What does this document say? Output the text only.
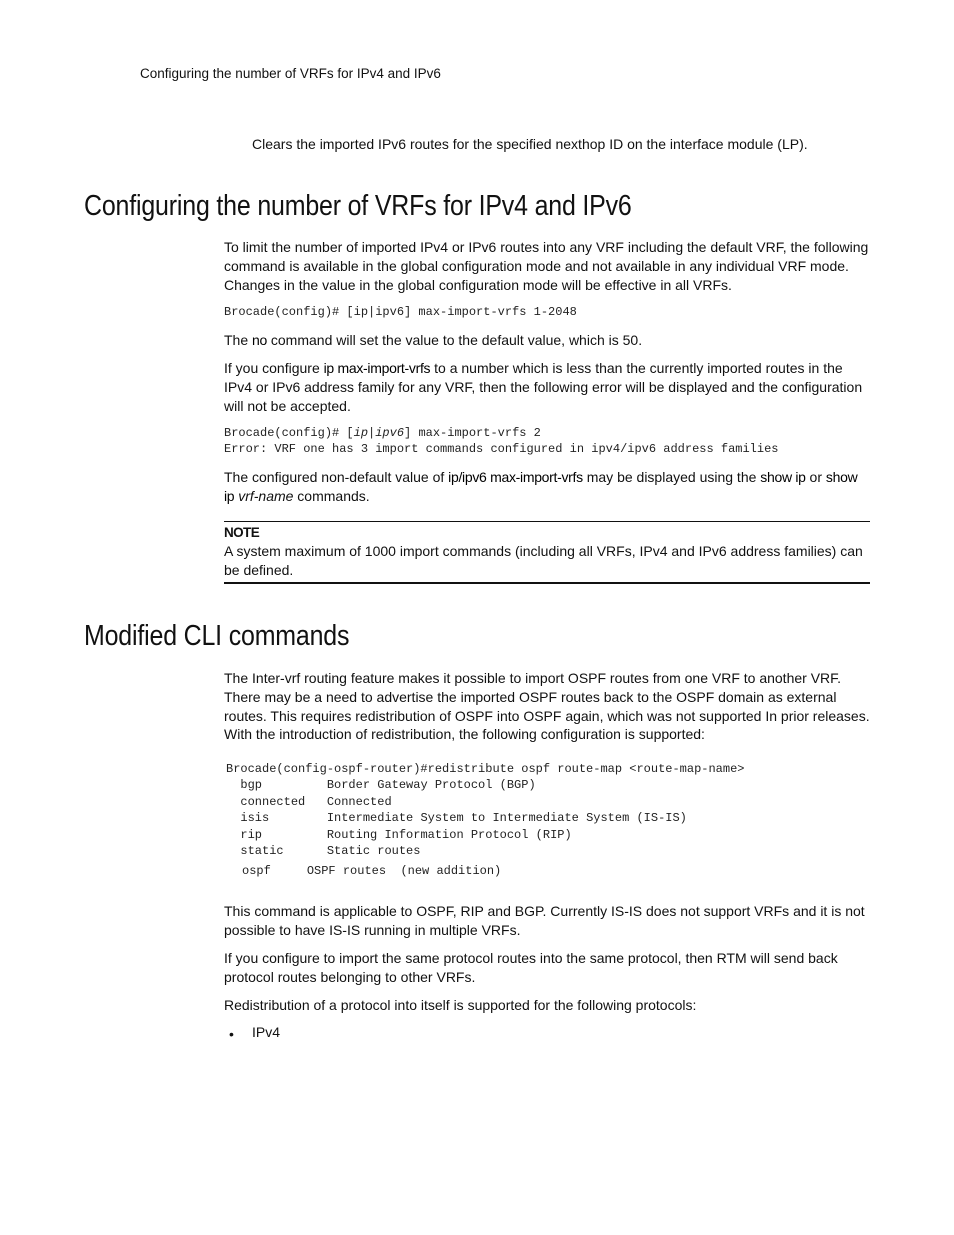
Configuring the number of VRFs for IPv4 and IPv6
Clears the imported IPv6 routes for the specified nexthop ID on the interface module (LP).
Configuring the number of VRFs for IPv4 and IPv6

To limit the number of imported IPv4 or IPv6 routes into any VRF including the default VRF, the following command is available in the global configuration mode and not available in any individual VRF mode. Changes in the value in the global configuration mode will be effective in all VRFs.

Brocade(config)# [ip|ipv6] max-import-vrfs 1-2048

The no command will set the value to the default value, which is 50.

If you configure ip max-import-vrfs to a number which is less than the currently imported routes in the IPv4 or IPv6 address family for any VRF, then the following error will be displayed and the configuration will not be accepted.

Brocade(config)# [ip|ipv6] max-import-vrfs 2
Error: VRF one has 3 import commands configured in ipv4/ipv6 address families

The configured non-default value of ip/ipv6 max-import-vrfs may be displayed using the show ip or show ip vrf-name commands.

NOTE

A system maximum of 1000 import commands (including all VRFs, IPv4 and IPv6 address families) can be defined.

Modified CLI commands

The Inter-vrf routing feature makes it possible to import OSPF routes from one VRF to another VRF. There may be a need to advertise the imported OSPF routes back to the OSPF domain as external routes. This requires redistribution of OSPF into OSPF again, which was not supported In prior releases. With the introduction of redistribution, the following configuration is supported:

Brocade(config-ospf-router)#redistribute ospf route-map <route-map-name>
bgp	Border Gateway Protocol (BGP)
connected Connected
isis	Intermediate System to Intermediate System (IS-IS)
rip	Routing Information Protocol (RIP)
static	Static routes
ospf	OSPF routes  (new addition)

This command is applicable to OSPF, RIP and BGP. Currently IS-IS does not support VRFs and it is not possible to have IS-IS running in multiple VRFs.

If you configure to import the same protocol routes into the same protocol, then RTM will send back protocol routes belonging to other VRFs.

Redistribution of a protocol into itself is supported for the following protocols:

• IPv4
